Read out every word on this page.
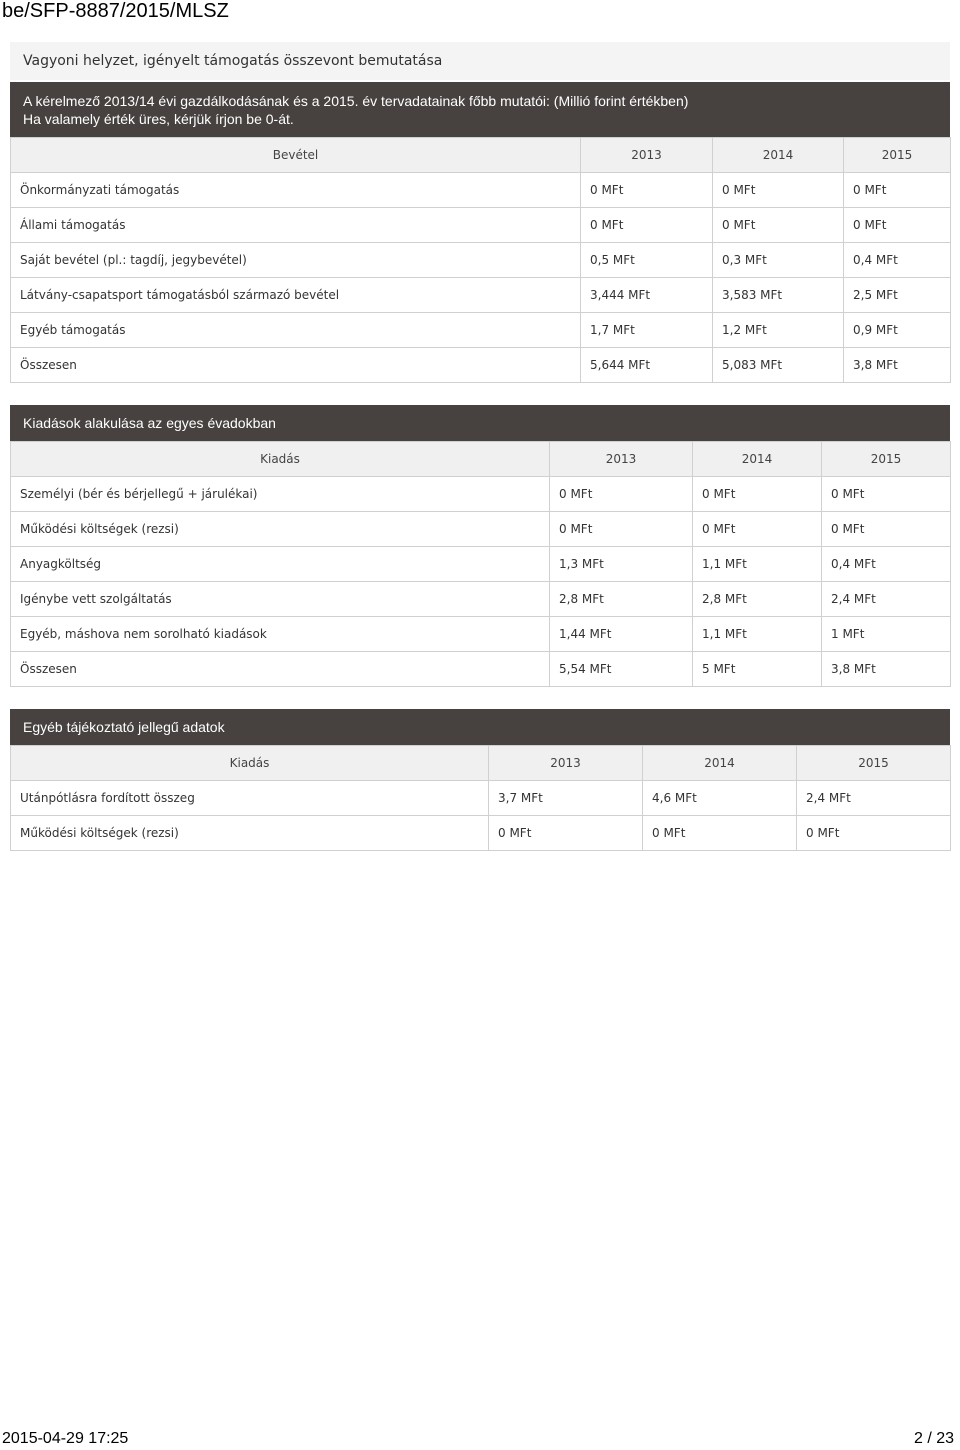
be/SFP-8887/2015/MLSZ
Vagyoni helyzet, igényelt támogatás összevont bemutatása
A kérelmező 2013/14 évi gazdálkodásának és a 2015. év tervadatainak főbb mutatói: (Millió forint értékben)
Ha valamely érték üres, kérjük írjon be 0-át.
Bevétel	2013	2014	2015
Önkormányzati támogatás	0 MFt	0 MFt	0 MFt
Állami támogatás	0 MFt	0 MFt	0 MFt
Saját bevétel (pl.: tagdíj, jegybevétel)	0,5 MFt	0,3 MFt	0,4 MFt
Látvány-csapatsport támogatásból származó bevétel	3,444 MFt	3,583 MFt	2,5 MFt
Egyéb támogatás	1,7 MFt	1,2 MFt	0,9 MFt
Összesen	5,644 MFt	5,083 MFt	3,8 MFt
Kiadások alakulása az egyes évadokban
Kiadás	2013	2014	2015
Személyi (bér és bérjellegű + járulékai)	0 MFt	0 MFt	0 MFt
Működési költségek (rezsi)	0 MFt	0 MFt	0 MFt
Anyagköltség	1,3 MFt	1,1 MFt	0,4 MFt
Igénybe vett szolgáltatás	2,8 MFt	2,8 MFt	2,4 MFt
Egyéb, máshova nem sorolható kiadások	1,44 MFt	1,1 MFt	1 MFt
Összesen	5,54 MFt	5 MFt	3,8 MFt
Egyéb tájékoztató jellegű adatok
Kiadás	2013	2014	2015
Utánpótlásra fordított összeg	3,7 MFt	4,6 MFt	2,4 MFt
Működési költségek (rezsi)	0 MFt	0 MFt	0 MFt
2015-04-29 17:25	2 / 23
